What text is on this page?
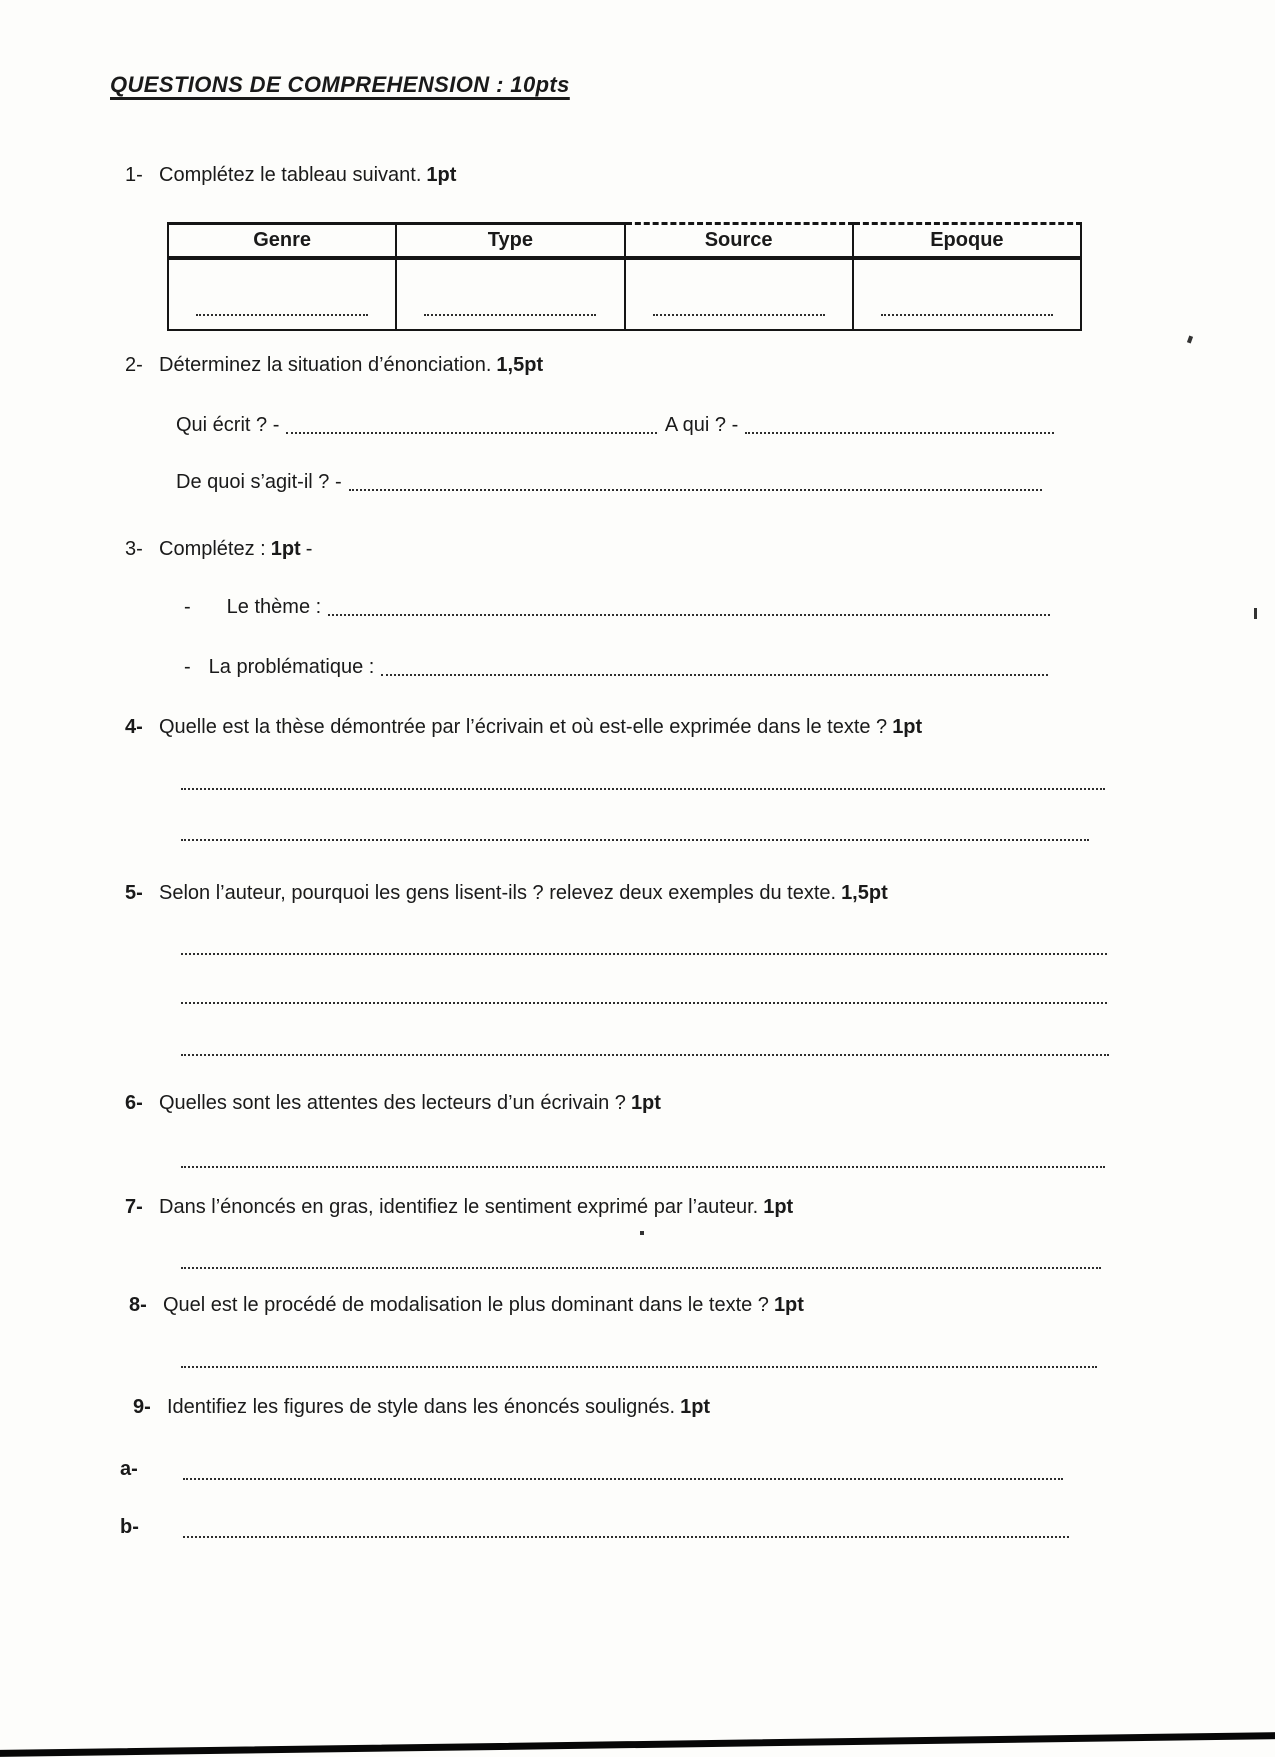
QUESTIONS DE COMPREHENSION : 10pts
1- Complétez le tableau suivant. 1pt
Genre	Type	Source	Epoque

2- Déterminez la situation d’énonciation. 1,5pt
Qui écrit ? -	A qui ? -
De quoi s’agit-il ? -
3- Complétez : 1pt -
- Le thème :
- La problématique :
4- Quelle est la thèse démontrée par l’écrivain et où est-elle exprimée dans le texte ? 1pt
5- Selon l’auteur, pourquoi les gens lisent-ils ? relevez deux exemples du texte. 1,5pt
6- Quelles sont les attentes des lecteurs d’un écrivain ? 1pt
7- Dans l’énoncés en gras, identifiez le sentiment exprimé par l’auteur. 1pt
8- Quel est le procédé de modalisation le plus dominant dans le texte ? 1pt
9- Identifiez les figures de style dans les énoncés soulignés. 1pt
a-
b-
